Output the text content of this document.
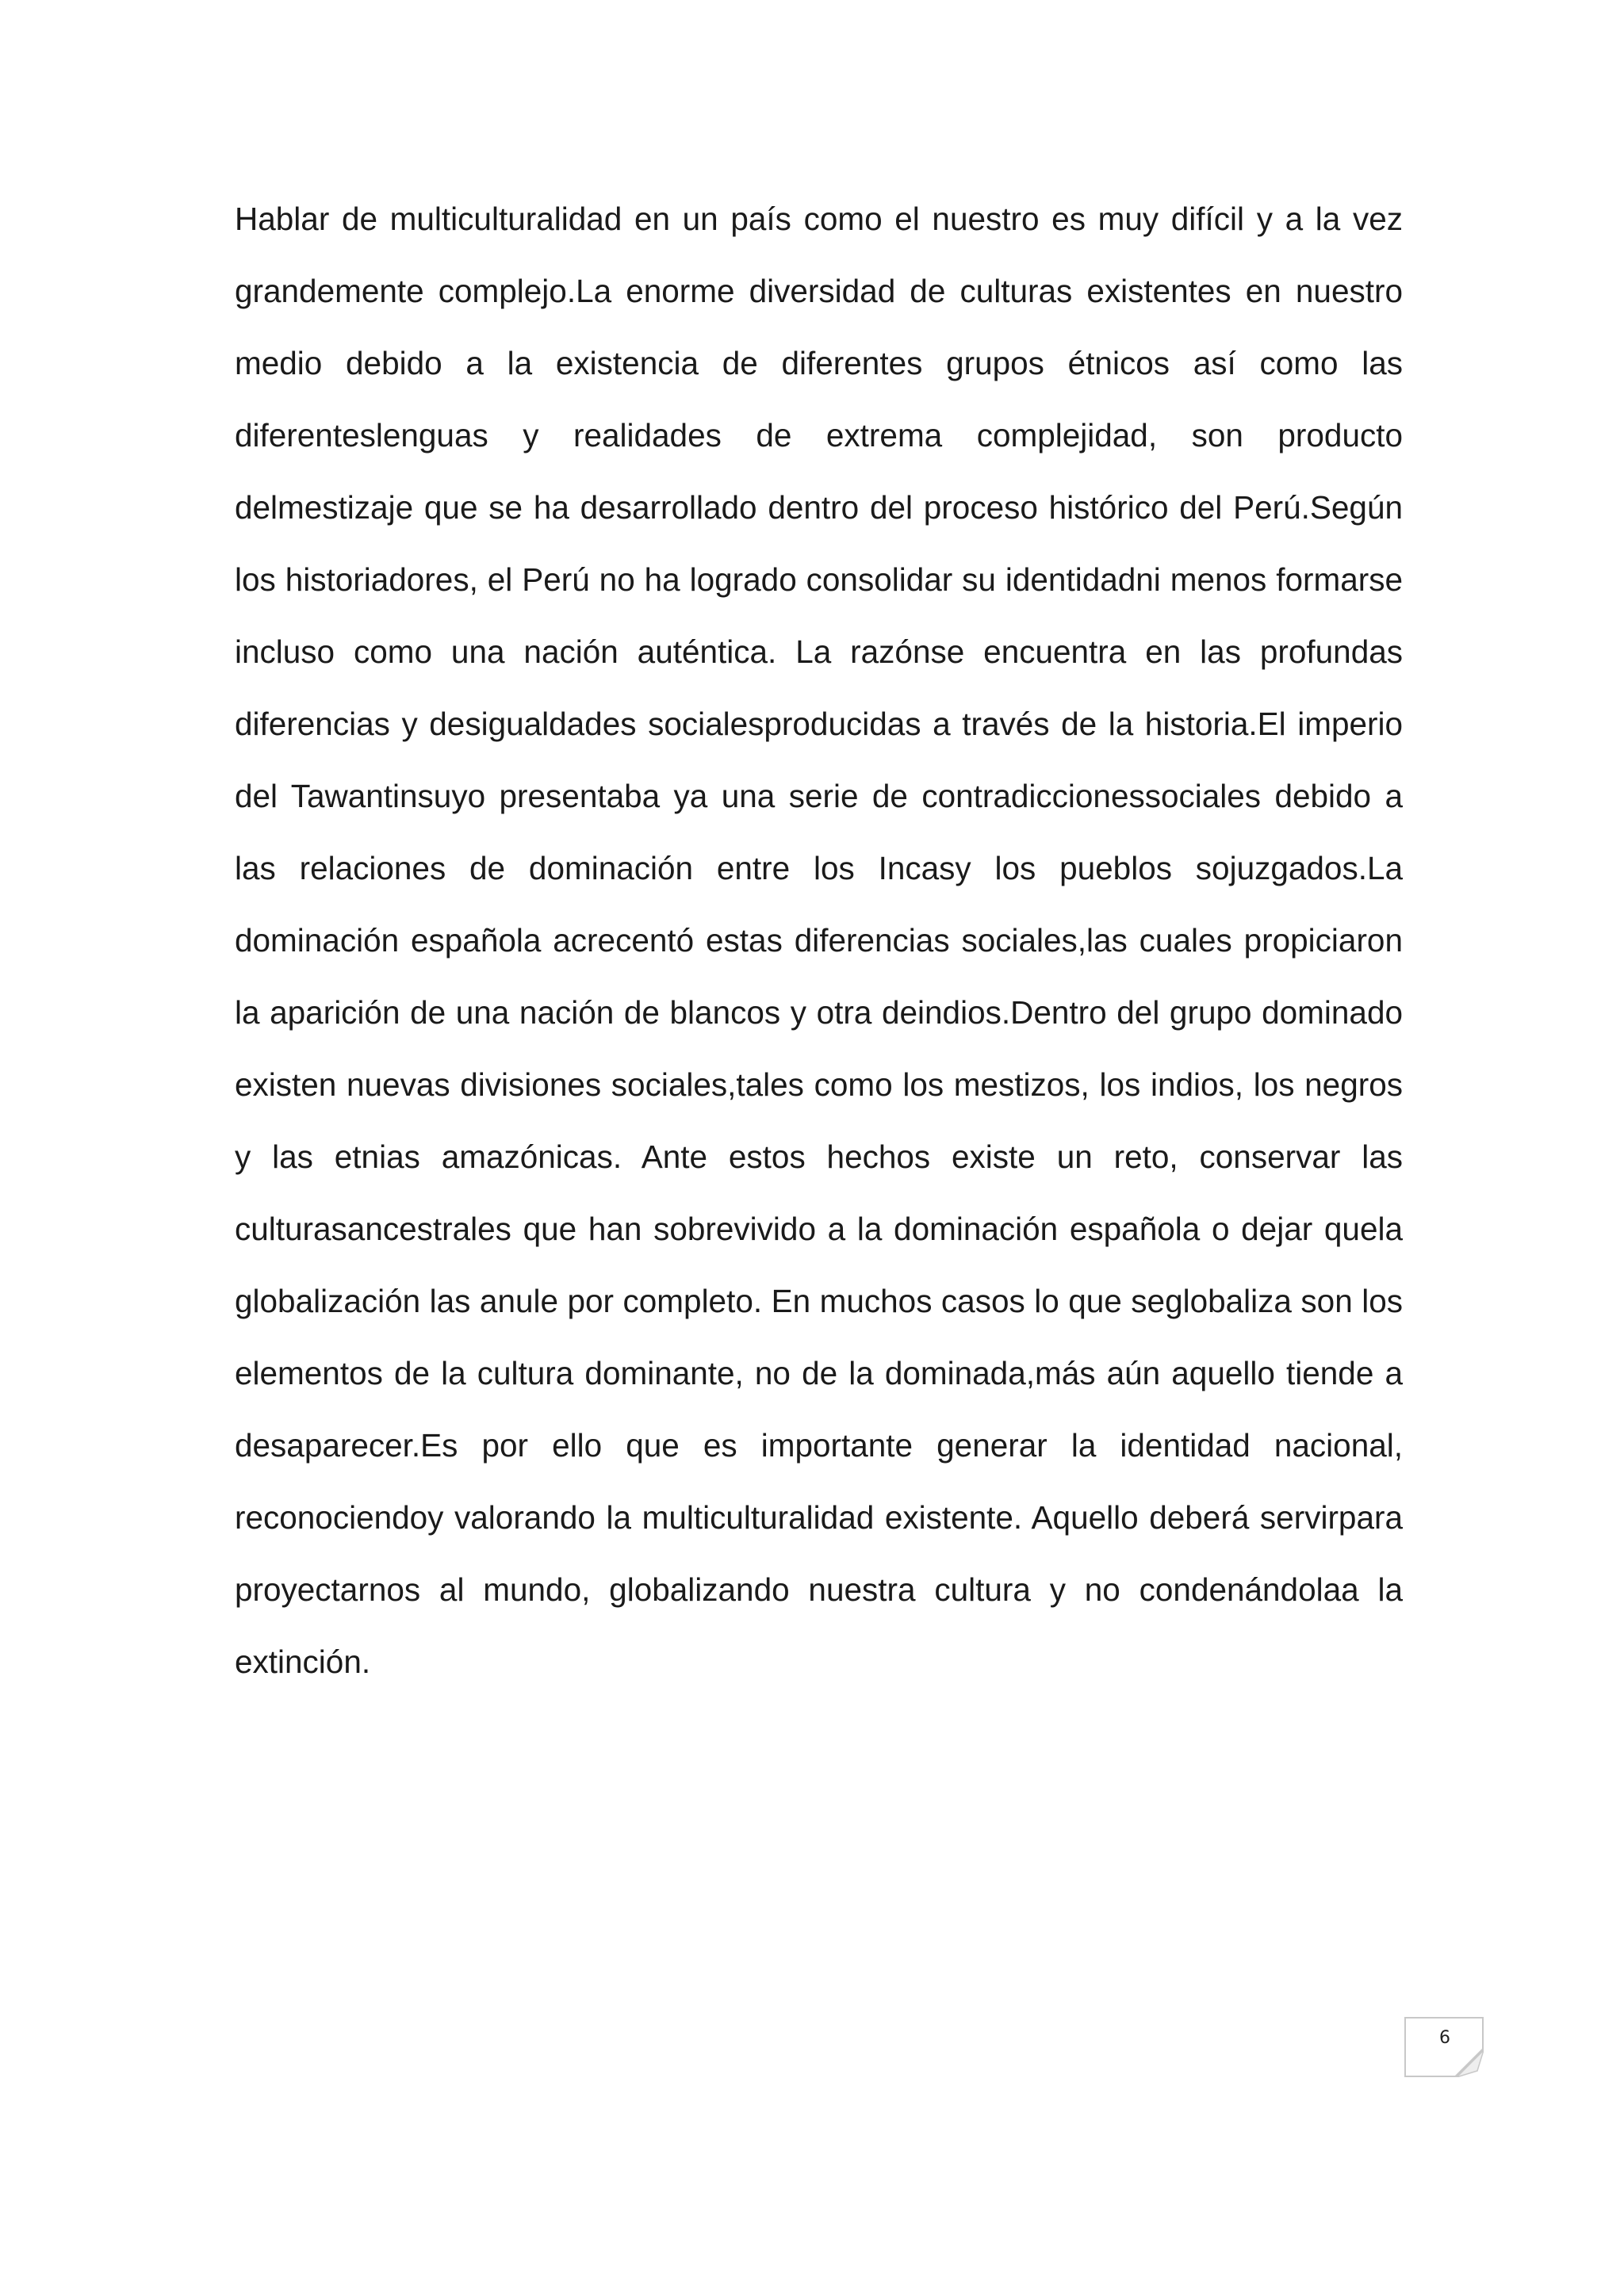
Hablar de multiculturalidad en un país como el nuestro es muy difícil y a la vez grandemente complejo.La enorme diversidad de culturas existentes en nuestro medio debido a la existencia de diferentes grupos étnicos así como las diferenteslenguas y realidades de extrema complejidad, son producto delmestizaje que se ha desarrollado dentro del proceso histórico del Perú.Según los historiadores, el Perú no ha logrado consolidar su identidadni menos formarse incluso como una nación auténtica. La razónse encuentra en las profundas diferencias y desigualdades socialesproducidas a través de la historia.El imperio del Tawantinsuyo presentaba ya una serie de contradiccionessociales debido a las relaciones de dominación entre los Incasy los pueblos sojuzgados.La dominación española acrecentó estas diferencias sociales,las cuales propiciaron la aparición de una nación de blancos y otra deindios.Dentro del grupo dominado existen nuevas divisiones sociales,tales como los mestizos, los indios, los negros y las etnias amazónicas. Ante estos hechos existe un reto, conservar las culturasancestrales que han sobrevivido a la dominación española o dejar quela globalización las anule por completo. En muchos casos lo que seglobaliza son los elementos de la cultura dominante, no de la dominada,más aún aquello tiende a desaparecer.Es por ello que es importante generar la identidad nacional, reconociendoy valorando la multiculturalidad existente. Aquello deberá servirpara proyectarnos al mundo, globalizando nuestra cultura y no condenándolaa la extinción.

6
